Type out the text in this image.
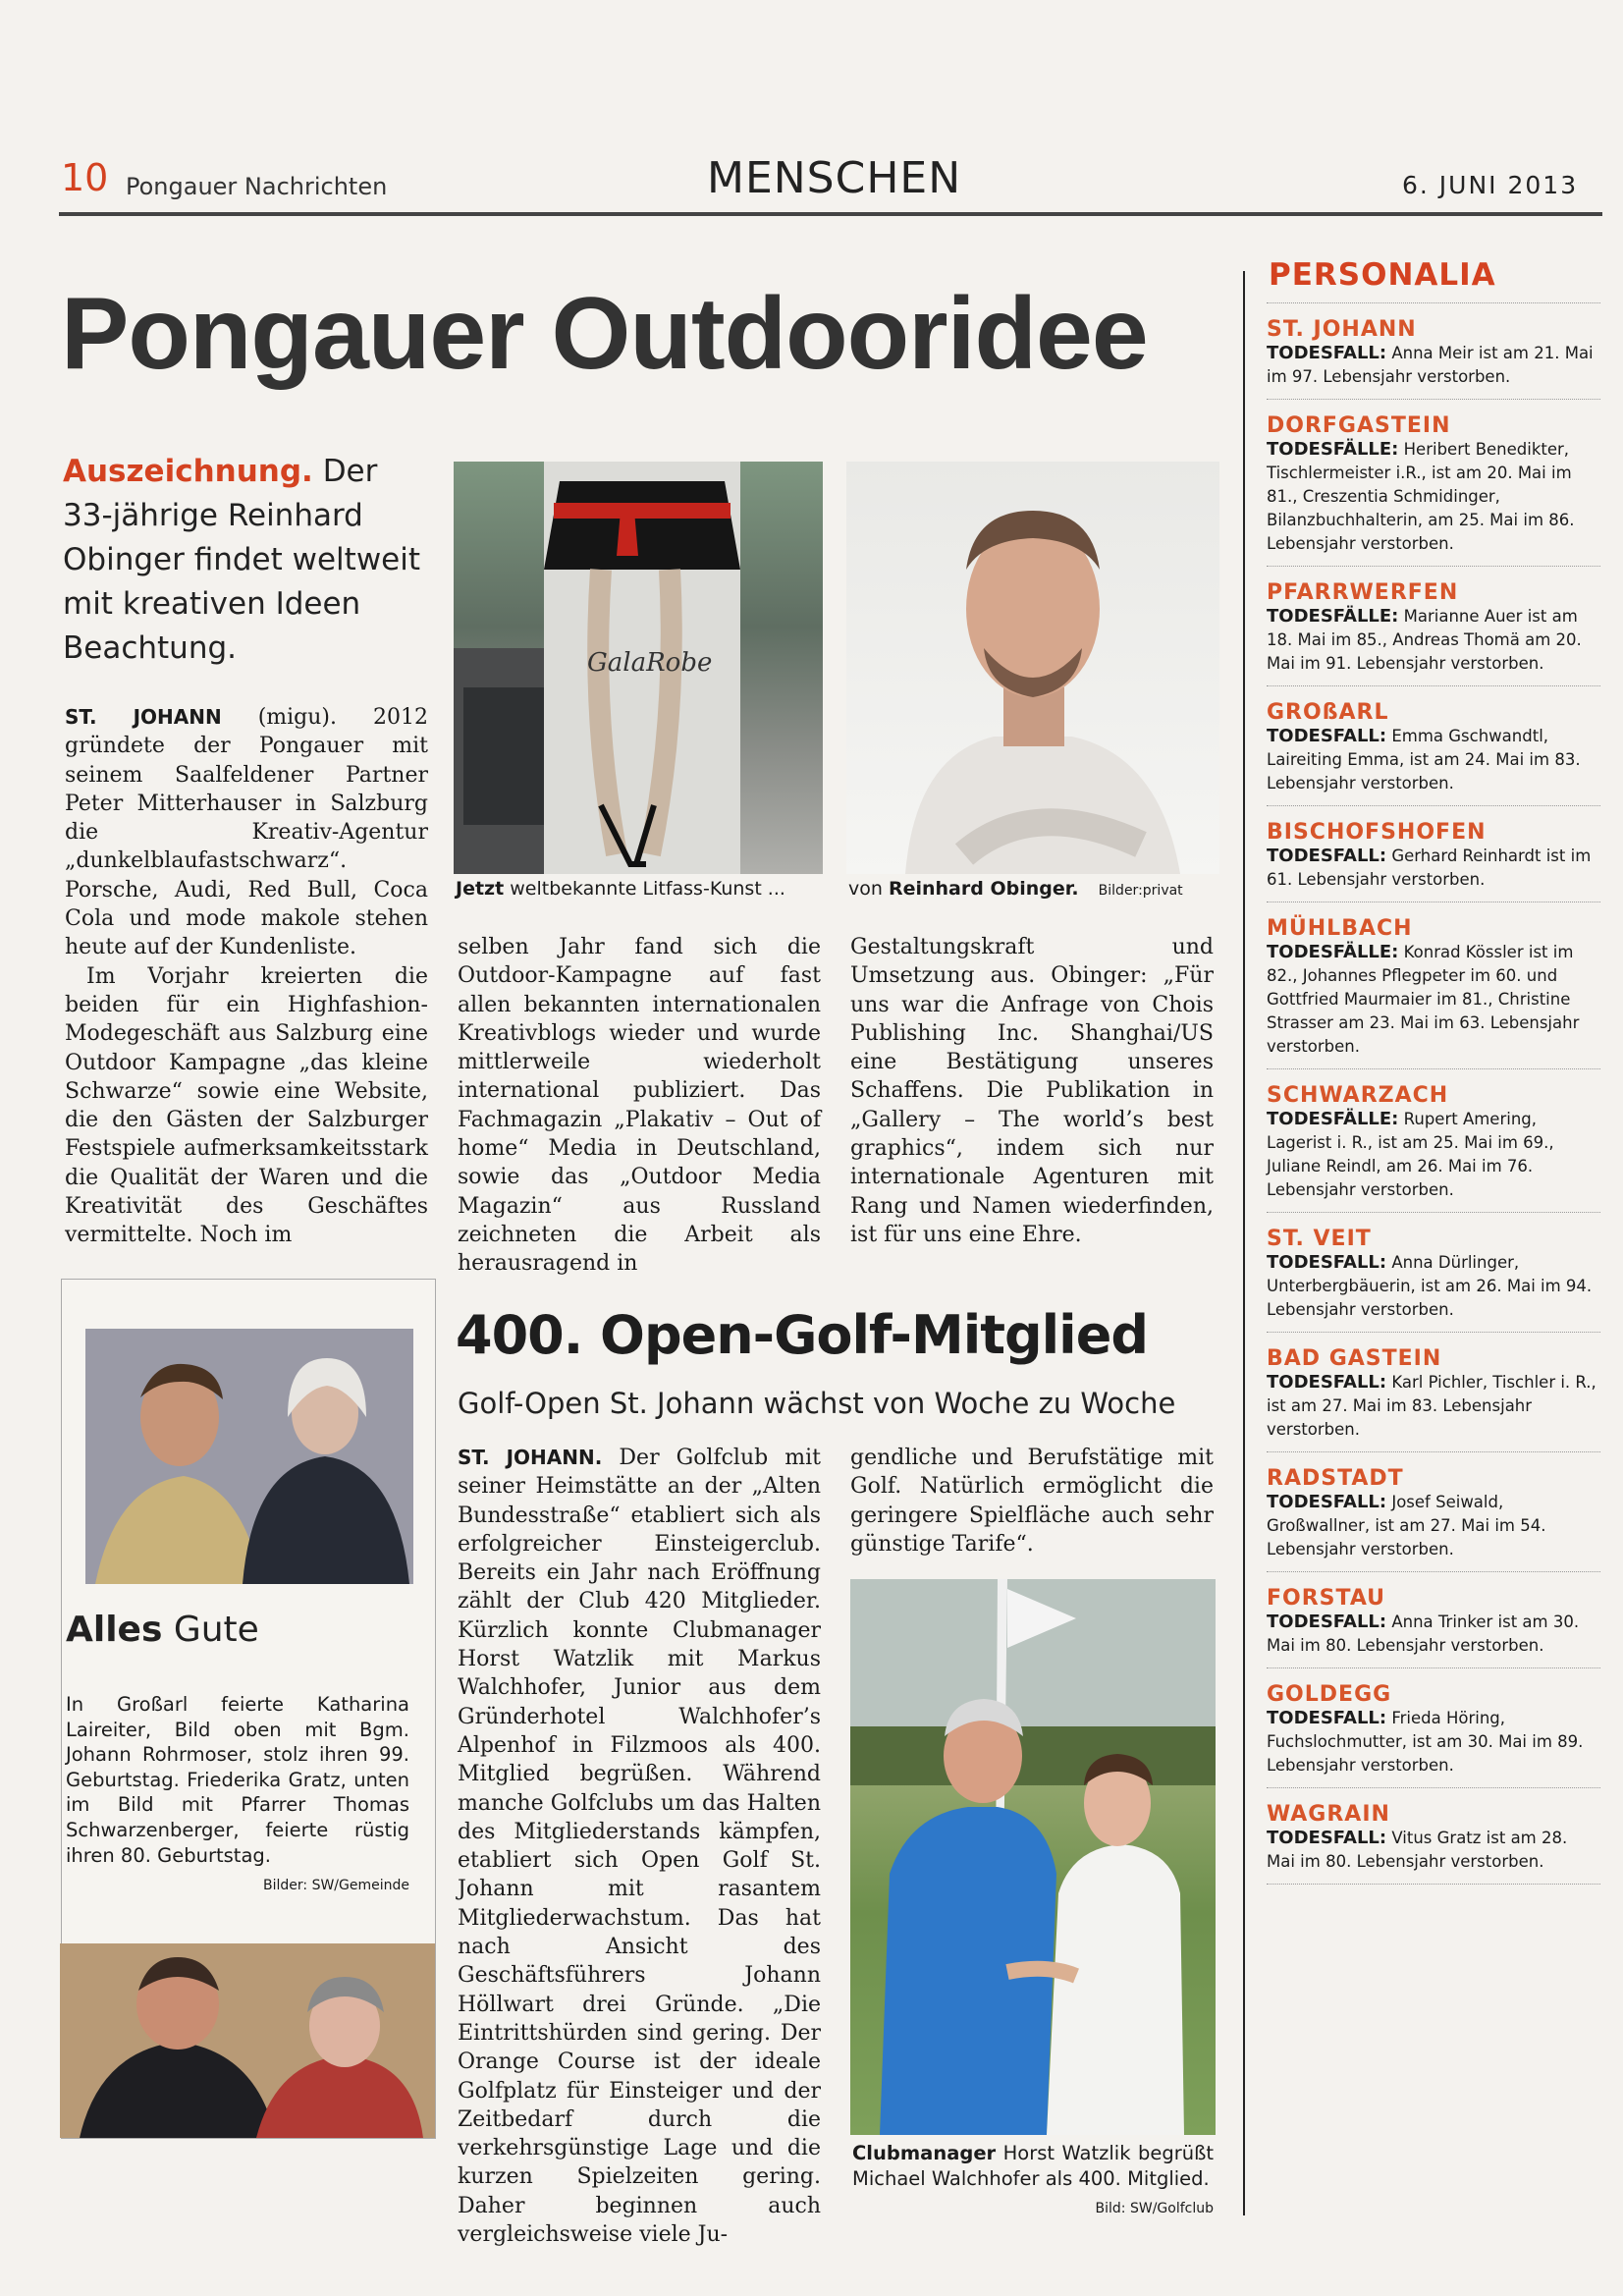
10 Pongauer Nachrichten	MENSCHEN	6. JUNI 2013
Pongauer Outdooridee
Auszeichnung. Der 33-jährige Reinhard Obinger findet weltweit mit kreativen Ideen Beachtung.
ST. JOHANN (migu). 2012 gründete der Pongauer mit seinem Saalfeldener Partner Peter Mitterhauser in Salzburg die Kreativ-Agentur „dunkelblaufastschwarz“. Porsche, Audi, Red Bull, Coca Cola und mode makole stehen heute auf der Kundenliste.
Im Vorjahr kreierten die beiden für ein Highfashion-Modegeschäft aus Salzburg eine Outdoor Kampagne „das kleine Schwarze“ sowie eine Website, die den Gästen der Salzburger Festspiele aufmerksamkeitsstark die Qualität der Waren und die Kreativität des Geschäftes vermittelte. Noch im
GalaRobe
Jetzt weltbekannte Litfass-Kunst ...	von Reinhard Obinger. Bilder:privat
selben Jahr fand sich die Outdoor-Kampagne auf fast allen bekannten internationalen Kreativblogs wieder und wurde mittlerweile wiederholt international publiziert. Das Fachmagazin „Plakativ – Out of home“ Media in Deutschland, sowie das „Outdoor Media Magazin“ aus Russland zeichneten die Arbeit als herausragend in
Gestaltungskraft und Umsetzung aus. Obinger: „Für uns war die Anfrage von Chois Publishing Inc. Shanghai/US eine Bestätigung unseres Schaffens. Die Publikation in „Gallery – The world’s best graphics“, indem sich nur internationale Agenturen mit Rang und Namen wiederfinden, ist für uns eine Ehre.
Alles Gute
In Großarl feierte Katharina Laireiter, Bild oben mit Bgm. Johann Rohrmoser, stolz ihren 99. Geburtstag. Friederika Gratz, unten im Bild mit Pfarrer Thomas Schwarzenberger, feierte rüstig ihren 80. Geburtstag.
Bilder: SW/Gemeinde
400. Open-Golf-Mitglied
Golf-Open St. Johann wächst von Woche zu Woche
ST. JOHANN. Der Golfclub mit seiner Heimstätte an der „Alten Bundesstraße“ etabliert sich als erfolgreicher Einsteigerclub. Bereits ein Jahr nach Eröffnung zählt der Club 420 Mitglieder. Kürzlich konnte Clubmanager Horst Watzlik mit Markus Walchhofer, Junior aus dem Gründerhotel Walchhofer’s Alpenhof in Filzmoos als 400. Mitglied begrüßen. Während manche Golfclubs um das Halten des Mitgliederstands kämpfen, etabliert sich Open Golf St. Johann mit rasantem Mitgliederwachstum. Das hat nach Ansicht des Geschäftsführers Johann Höllwart drei Gründe. „Die Eintrittshürden sind gering. Der Orange Course ist der ideale Golfplatz für Einsteiger und der Zeitbedarf durch die verkehrsgünstige Lage und die kurzen Spielzeiten gering. Daher beginnen auch vergleichsweise viele Ju-
gendliche und Berufstätige mit Golf. Natürlich ermöglicht die geringere Spielfläche auch sehr günstige Tarife“.
Clubmanager Horst Watzlik begrüßt Michael Walchhofer als 400. Mitglied.
Bild: SW/Golfclub
PERSONALIA
ST. JOHANN
TODESFALL: Anna Meir ist am 21. Mai im 97. Lebensjahr verstorben.
DORFGASTEIN
TODESFÄLLE: Heribert Benedikter, Tischlermeister i.R., ist am 20. Mai im 81., Creszentia Schmidinger, Bilanzbuchhalterin, am 25. Mai im 86. Lebensjahr verstorben.
PFARRWERFEN
TODESFÄLLE: Marianne Auer ist am 18. Mai im 85., Andreas Thomä am 20. Mai im 91. Lebensjahr verstorben.
GROßARL
TODESFALL: Emma Gschwandtl, Laireiting Emma, ist am 24. Mai im 83. Lebensjahr verstorben.
BISCHOFSHOFEN
TODESFALL: Gerhard Reinhardt ist im 61. Lebensjahr verstorben.
MÜHLBACH
TODESFÄLLE: Konrad Kössler ist im 82., Johannes Pflegpeter im 60. und Gottfried Maurmaier im 81., Christine Strasser am 23. Mai im 63. Lebensjahr verstorben.
SCHWARZACH
TODESFÄLLE: Rupert Amering, Lagerist i. R., ist am 25. Mai im 69., Juliane Reindl, am 26. Mai im 76. Lebensjahr verstorben.
ST. VEIT
TODESFALL: Anna Dürlinger, Unterbergbäuerin, ist am 26. Mai im 94. Lebensjahr verstorben.
BAD GASTEIN
TODESFALL: Karl Pichler, Tischler i. R., ist am 27. Mai im 83. Lebensjahr verstorben.
RADSTADT
TODESFALL: Josef Seiwald, Großwallner, ist am 27. Mai im 54. Lebensjahr verstorben.
FORSTAU
TODESFALL: Anna Trinker ist am 30. Mai im 80. Lebensjahr verstorben.
GOLDEGG
TODESFALL: Frieda Höring, Fuchslochmutter, ist am 30. Mai im 89. Lebensjahr verstorben.
WAGRAIN
TODESFALL: Vitus Gratz ist am 28. Mai im 80. Lebensjahr verstorben.
